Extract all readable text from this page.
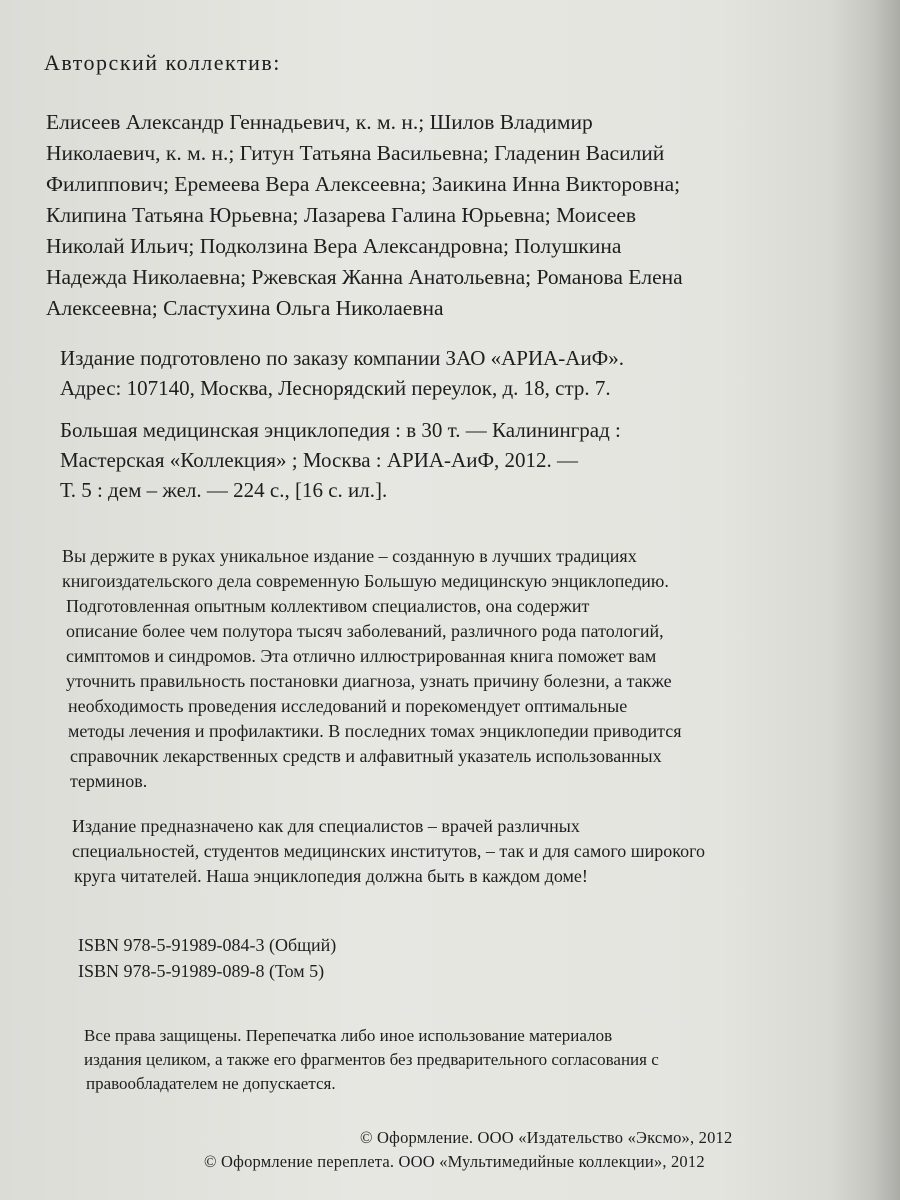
Авторский коллектив:
Елисеев Александр Геннадьевич, к. м. н.; Шилов Владимир
Николаевич, к. м. н.; Гитун Татьяна Васильевна; Гладенин Василий
Филиппович; Еремеева Вера Алексеевна; Заикина Инна Викторовна;
Клипина Татьяна Юрьевна; Лазарева Галина Юрьевна; Моисеев
Николай Ильич; Подколзина Вера Александровна; Полушкина
Надежда Николаевна; Ржевская Жанна Анатольевна; Романова Елена
Алексеевна; Сластухина Ольга Николаевна
Издание подготовлено по заказу компании ЗАО «АРИА-АиФ».
Адрес: 107140, Москва, Леснорядский переулок, д. 18, стр. 7.
Большая медицинская энциклопедия : в 30 т. — Калининград :
Мастерская «Коллекция» ; Москва : АРИА-АиФ, 2012. —
Т. 5 : дем – жел. — 224 с., [16 с. ил.].
Вы держите в руках уникальное издание – созданную в лучших традициях
книгоиздательского дела современную Большую медицинскую энциклопедию.
Подготовленная опытным коллективом специалистов, она содержит
описание более чем полутора тысяч заболеваний, различного рода патологий,
симптомов и синдромов. Эта отлично иллюстрированная книга поможет вам
уточнить правильность постановки диагноза, узнать причину болезни, а также
необходимость проведения исследований и порекомендует оптимальные
методы лечения и профилактики. В последних томах энциклопедии приводится
справочник лекарственных средств и алфавитный указатель использованных
терминов.
Издание предназначено как для специалистов – врачей различных
специальностей, студентов медицинских институтов, – так и для самого широкого
круга читателей. Наша энциклопедия должна быть в каждом доме!
ISBN 978-5-91989-084-3 (Общий)
ISBN 978-5-91989-089-8 (Том 5)
Все права защищены. Перепечатка либо иное использование материалов
издания целиком, а также его фрагментов без предварительного согласования с
правообладателем не допускается.
© Оформление. ООО «Издательство «Эксмо», 2012
© Оформление переплета. ООО «Мультимедийные коллекции», 2012
